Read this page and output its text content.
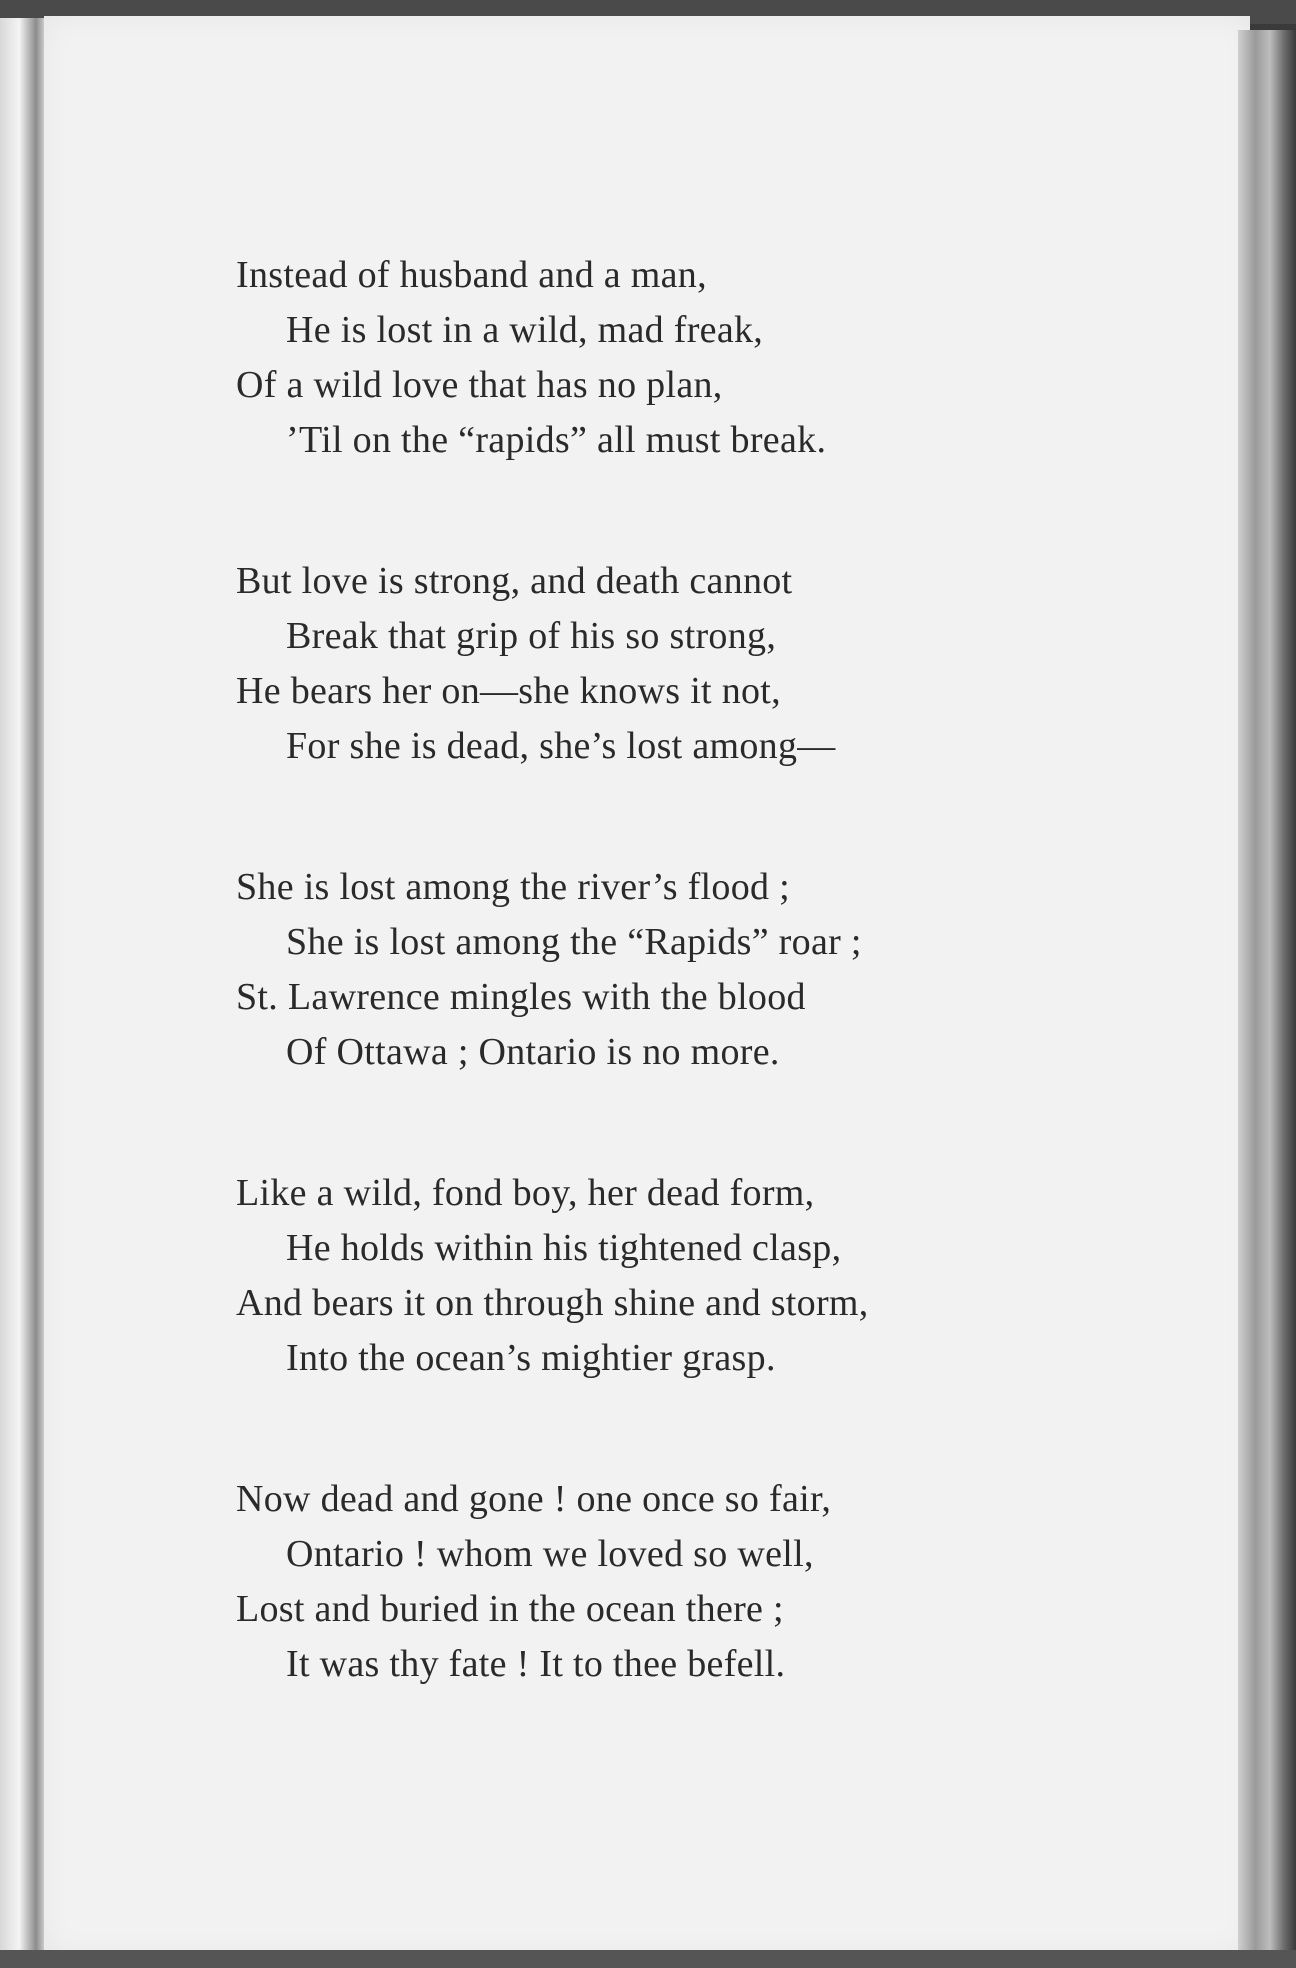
Instead of husband and a man,
He is lost in a wild, mad freak,
Of a wild love that has no plan,
’Til on the “rapids” all must break.
But love is strong, and death cannot
Break that grip of his so strong,
He bears her on—she knows it not,
For she is dead, she’s lost among—
She is lost among the river’s flood ;
She is lost among the “Rapids” roar ;
St. Lawrence mingles with the blood
Of Ottawa ; Ontario is no more.
Like a wild, fond boy, her dead form,
He holds within his tightened clasp,
And bears it on through shine and storm,
Into the ocean’s mightier grasp.
Now dead and gone ! one once so fair,
Ontario ! whom we loved so well,
Lost and buried in the ocean there ;
It was thy fate ! It to thee befell.
